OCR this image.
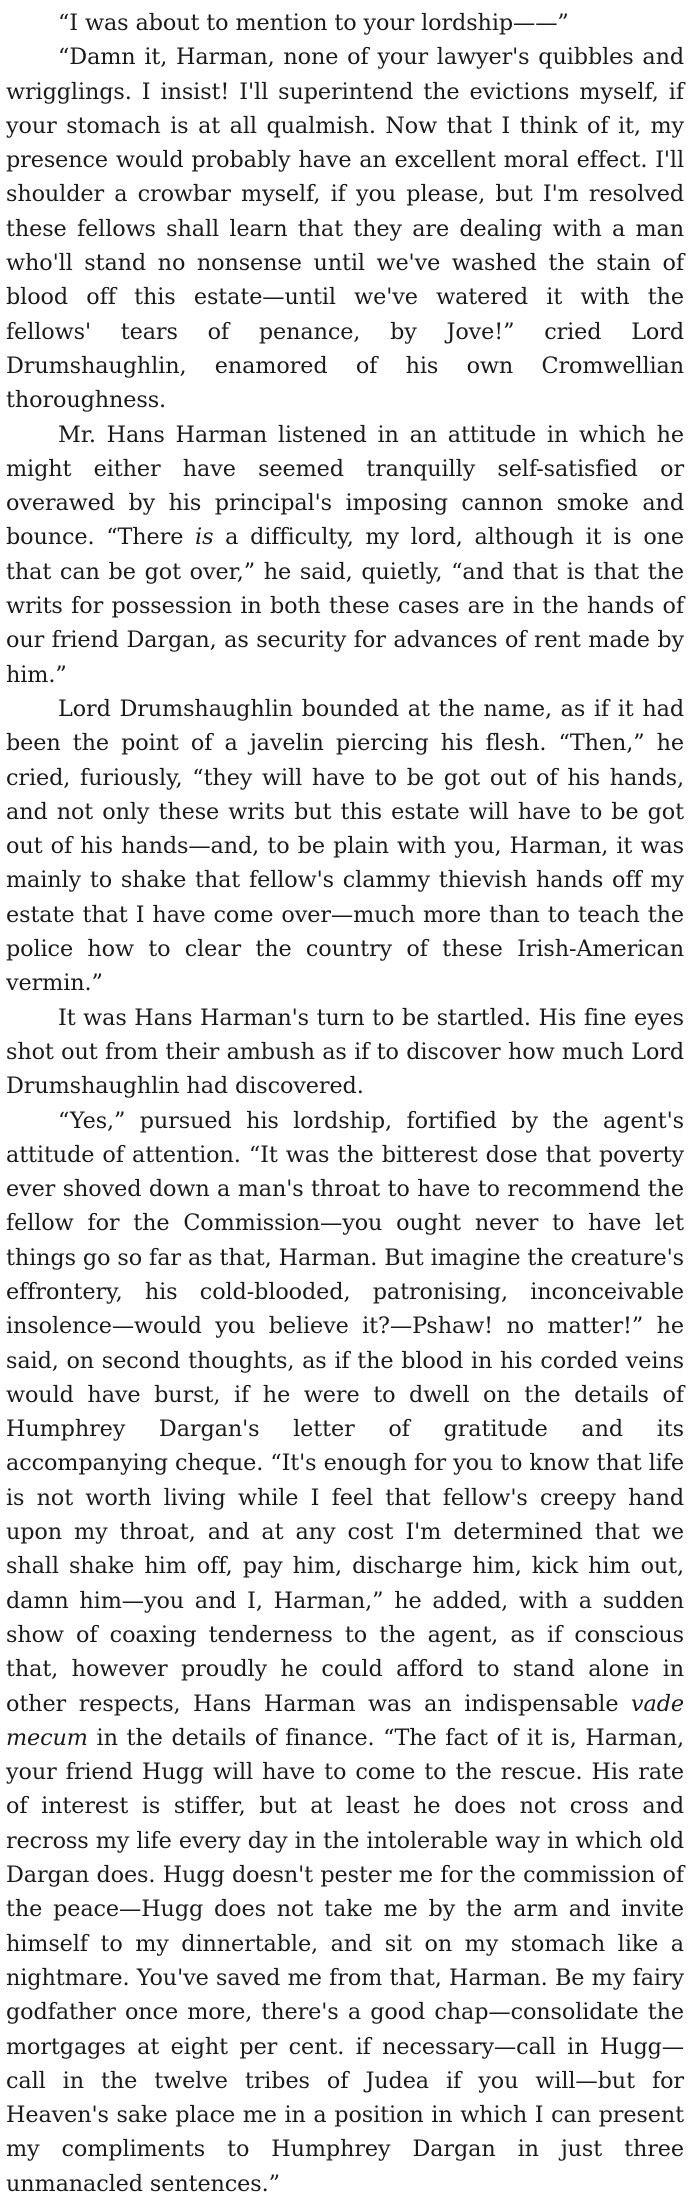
“I was about to mention to your lordship——”

“Damn it, Harman, none of your lawyer's quibbles and wrigglings. I insist! I'll superintend the evictions myself, if your stomach is at all qualmish. Now that I think of it, my presence would probably have an excellent moral effect. I'll shoulder a crowbar myself, if you please, but I'm resolved these fellows shall learn that they are dealing with a man who'll stand no nonsense until we've washed the stain of blood off this estate—until we've watered it with the fellows' tears of penance, by Jove!” cried Lord Drumshaughlin, enamored of his own Cromwellian thoroughness.

Mr. Hans Harman listened in an attitude in which he might either have seemed tranquilly self-satisfied or overawed by his principal's imposing cannon smoke and bounce. “There is a difficulty, my lord, although it is one that can be got over,” he said, quietly, “and that is that the writs for possession in both these cases are in the hands of our friend Dargan, as security for advances of rent made by him.”

Lord Drumshaughlin bounded at the name, as if it had been the point of a javelin piercing his flesh. “Then,” he cried, furiously, “they will have to be got out of his hands, and not only these writs but this estate will have to be got out of his hands—and, to be plain with you, Harman, it was mainly to shake that fellow's clammy thievish hands off my estate that I have come over—much more than to teach the police how to clear the country of these Irish-American vermin.”

It was Hans Harman's turn to be startled. His fine eyes shot out from their ambush as if to discover how much Lord Drumshaughlin had discovered.

“Yes,” pursued his lordship, fortified by the agent's attitude of attention. “It was the bitterest dose that poverty ever shoved down a man's throat to have to recommend the fellow for the Commission—you ought never to have let things go so far as that, Harman. But imagine the creature's effrontery, his cold-blooded, patronising, inconceivable insolence—would you believe it?—Pshaw! no matter!” he said, on second thoughts, as if the blood in his corded veins would have burst, if he were to dwell on the details of Humphrey Dargan's letter of gratitude and its accompanying cheque. “It's enough for you to know that life is not worth living while I feel that fellow's creepy hand upon my throat, and at any cost I'm determined that we shall shake him off, pay him, discharge him, kick him out, damn him—you and I, Harman,” he added, with a sudden show of coaxing tenderness to the agent, as if conscious that, however proudly he could afford to stand alone in other respects, Hans Harman was an indispensable vade mecum in the details of finance. “The fact of it is, Harman, your friend Hugg will have to come to the rescue. His rate of interest is stiffer, but at least he does not cross and recross my life every day in the intolerable way in which old Dargan does. Hugg doesn't pester me for the commission of the peace—Hugg does not take me by the arm and invite himself to my dinnertable, and sit on my stomach like a nightmare. You've saved me from that, Harman. Be my fairy godfather once more, there's a good chap—consolidate the mortgages at eight per cent. if necessary—call in Hugg—call in the twelve tribes of Judea if you will—but for Heaven's sake place me in a position in which I can present my compliments to Humphrey Dargan in just three unmanacled sentences.”
